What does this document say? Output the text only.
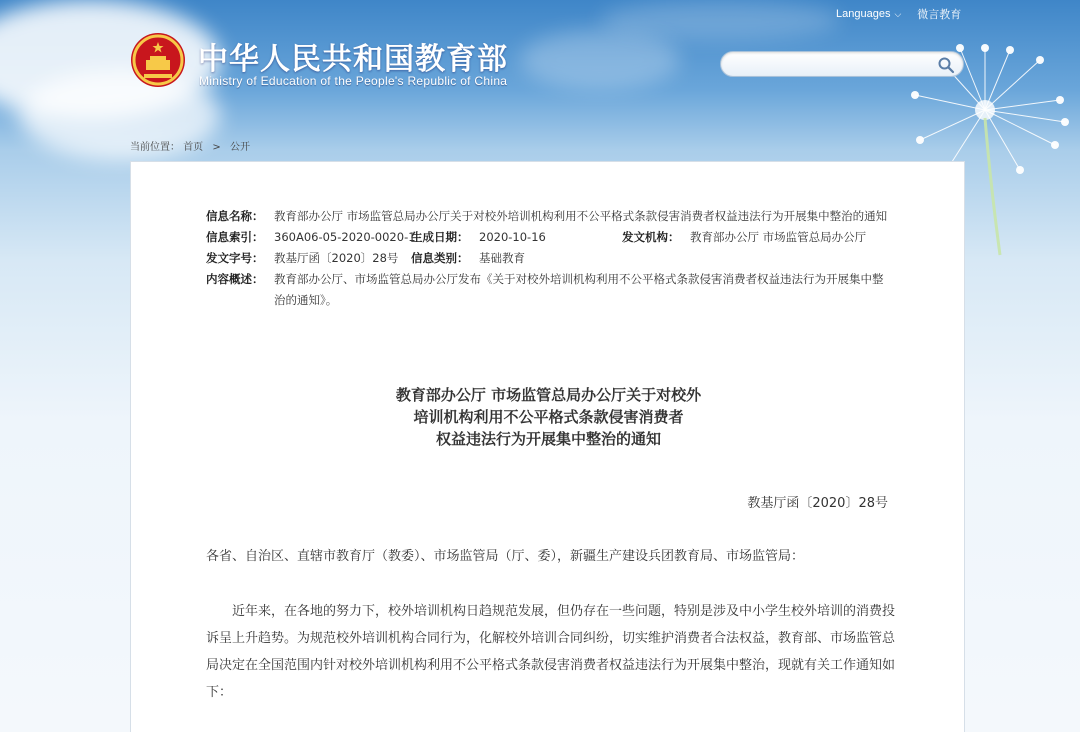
中华人民共和国教育部
Ministry of Education of the People's Republic of China
Languages ⌵ 微言教育
当前位置： 首页 > 公开
信息名称： 教育部办公厅 市场监管总局办公厅关于对校外培训机构利用不公平格式条款侵害消费者权益违法行为开展集中整治的通知
信息索引： 360A06-05-2020-0020-1
生成日期： 2020-10-16	发文机构： 教育部办公厅 市场监管总局办公厅
发文字号： 教基厅函〔2020〕28号 信息类别： 基础教育
内容概述： 教育部办公厅、市场监管总局办公厅发布《关于对校外培训机构利用不公平格式条款侵害消费者权益违法行为开展集中整治的通知》。
教育部办公厅 市场监管总局办公厅关于对校外
培训机构利用不公平格式条款侵害消费者
权益违法行为开展集中整治的通知
教基厅函〔2020〕28号
各省、自治区、直辖市教育厅（教委）、市场监管局（厅、委），新疆生产建设兵团教育局、市场监管局：
近年来，在各地的努力下，校外培训机构日趋规范发展，但仍存在一些问题，特别是涉及中小学生校外培训的消费投诉呈上升趋势。为规范校外培训机构合同行为，化解校外培训合同纠纷，切实维护消费者合法权益，教育部、市场监管总局决定在全国范围内针对校外培训机构利用不公平格式条款侵害消费者权益违法行为开展集中整治，现就有关工作通知如下：
